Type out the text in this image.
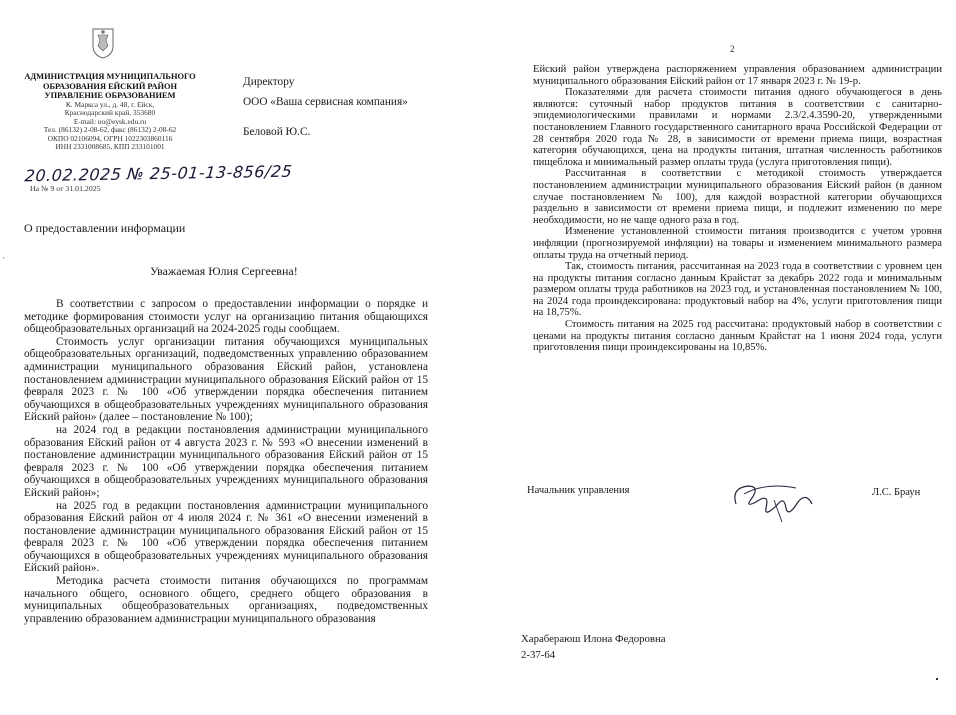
АДМИНИСТРАЦИЯ МУНИЦИПАЛЬНОГО
ОБРАЗОВАНИЯ ЕЙСКИЙ РАЙОН
УПРАВЛЕНИЕ ОБРАЗОВАНИЕМ
К. Маркса ул., д. 48, г. Ейск,
Краснодарский край, 353680
E-mail: uo@eysk.edu.ru
Тел. (86132) 2-08-62, факс (86132) 2-08-62
ОКПО 02106094, ОГРН 1022303860116
ИНН 2331008685, КПП 233101001
20.02.2025 № 25-01-13-856/25
На № 9 от 31.01.2025
Директору
ООО «Ваша сервисная компания»
Беловой Ю.С.
О предоставлении информации
ˎ
Уважаемая Юлия Сергеевна!

В соответствии с запросом о предоставлении информации о порядке и методике формирования стоимости услуг на организацию питания общающихся общеобразовательных организаций на 2024-2025 годы сообщаем.

Стоимость услуг организации питания обучающихся муниципальных общеобразовательных организаций, подведомственных управлению образованием администрации муниципального образования Ейский район, установлена постановлением администрации муниципального образования Ейский район от 15 февраля 2023 г. № 100 «Об утверждении порядка обеспечения питанием обучающихся в общеобразовательных учреждениях муниципального образования Ейский район» (далее – постановление № 100);

на 2024 год в редакции постановления администрации муниципального образования Ейский район от 4 августа 2023 г. № 593 «О внесении изменений в постановление администрации муниципального образования Ейский район от 15 февраля 2023 г. № 100 «Об утверждении порядка обеспечения питанием обучающихся в общеобразовательных учреждениях муниципального образования Ейский район»;

на 2025 год в редакции постановления администрации муниципального образования Ейский район от 4 июля 2024 г. № 361 «О внесении изменений в постановление администрации муниципального образования Ейский район от 15 февраля 2023 г. № 100 «Об утверждении порядка обеспечения питанием обучающихся в общеобразовательных учреждениях муниципального образования Ейский район».

Методика расчета стоимости питания обучающихся по программам начального общего, основного общего, среднего общего образования в муниципальных общеобразовательных организациях, подведомственных управлению образованием администрации муниципального образования

2

Ейский район утверждена распоряжением управления образованием администрации муниципального образования Ейский район от 17 января 2023 г. № 19-р.

Показателями для расчета стоимости питания одного обучающегося в день являются: суточный набор продуктов питания в соответствии с санитарно-эпидемиологическими правилами и нормами 2.3/2.4.3590-20, утвержденными постановлением Главного государственного санитарного врача Российской Федерации от 28 сентября 2020 года № 28, в зависимости от времени приема пищи, возрастная категория обучающихся, цена на продукты питания, штатная численность работников пищеблока и минимальный размер оплаты труда (услуга приготовления пищи).

Рассчитанная в соответствии с методикой стоимость утверждается постановлением администрации муниципального образования Ейский район (в данном случае постановлением № 100), для каждой возрастной категории обучающихся раздельно в зависимости от времени приема пищи, и подлежит изменению по мере необходимости, но не чаще одного раза в год.

Изменение установленной стоимости питания производится с учетом уровня инфляции (прогнозируемой инфляции) на товары и изменением минимального размера оплаты труда на отчетный период.

Так, стоимость питания, рассчитанная на 2023 года в соответствии с уровнем цен на продукты питания согласно данным Крайстат за декабрь 2022 года и минимальным размером оплаты труда работников на 2023 год, и установленная постановлением № 100, на 2024 года проиндексирована: продуктовый набор на 4%, услуги приготовления пищи на 18,75%.

Стоимость питания на 2025 год рассчитана: продуктовый набор в соответствии с ценами на продукты питания согласно данным Крайстат на 1 июня 2024 года, услуги приготовления пищи проиндексированы на 10,85%.

Начальник управления	Л.С. Браун
Харабераюш Илона Федоровна
2-37-64
